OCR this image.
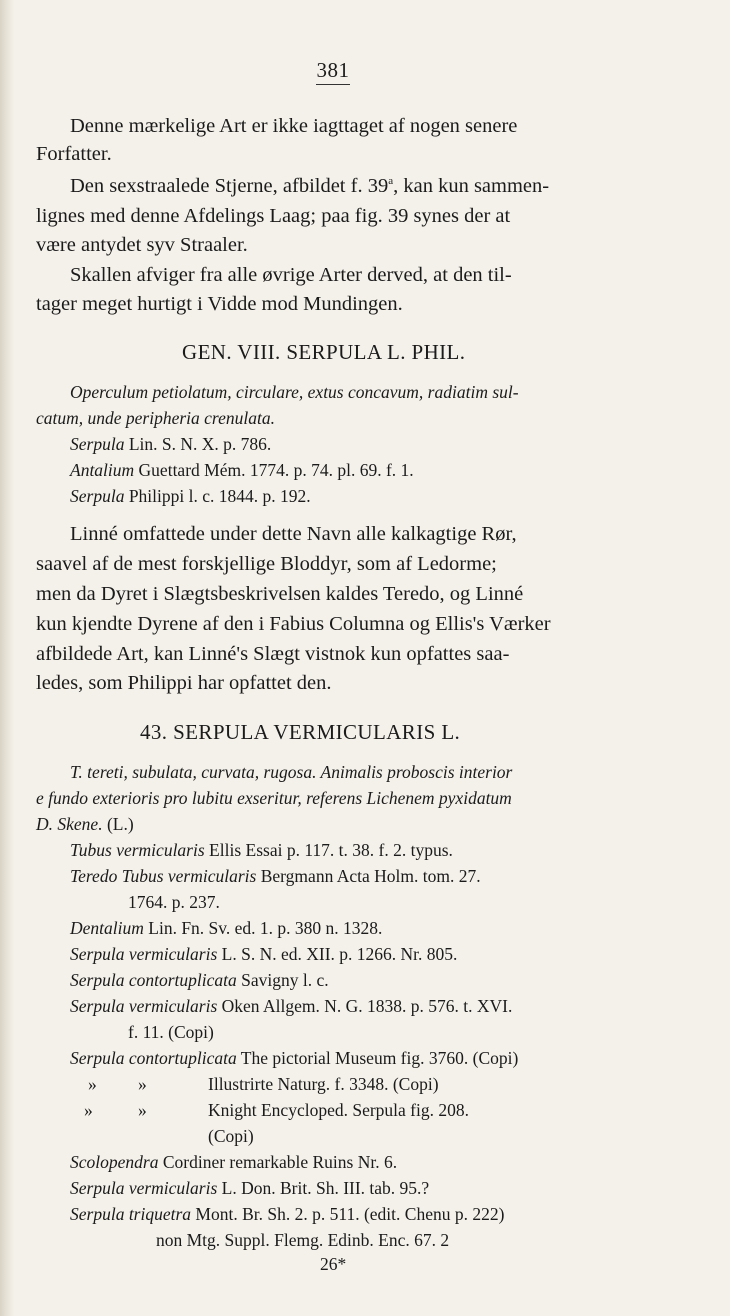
381
Denne mærkelige Art er ikke iagttaget af nogen senere
Forfatter.
Den sexstraalede Stjerne, afbildet f. 39$^a$, kan kun sammen-
lignes med denne Afdelings Laag; paa fig. 39 synes der at
være antydet syv Straaler.
Skallen afviger fra alle øvrige Arter derved, at den til-
tager meget hurtigt i Vidde mod Mundingen.
GEN. VIII. SERPULA L. PHIL.
Operculum petiolatum, circulare, extus concavum, radiatim sul-
catum, unde peripheria crenulata.
Serpula Lin. S. N. X. p. 786.
Antalium Guettard Mém. 1774. p. 74. pl. 69. f. 1.
Serpula Philippi l. c. 1844. p. 192.
Linné omfattede under dette Navn alle kalkagtige Rør,
saavel af de mest forskjellige Bloddyr, som af Ledorme;
men da Dyret i Slægtsbeskrivelsen kaldes Teredo, og Linné
kun kjendte Dyrene af den i Fabius Columna og Ellis's Værker
afbildede Art, kan Linné's Slægt vistnok kun opfattes saa-
ledes, som Philippi har opfattet den.
43. SERPULA VERMICULARIS L.
T. tereti, subulata, curvata, rugosa. Animalis proboscis interior
e fundo exterioris pro lubitu exseritur, referens Lichenem pyxidatum
D. Skene. (L.)
Tubus vermicularis Ellis Essai p. 117. t. 38. f. 2. typus.
Teredo Tubus vermicularis Bergmann Acta Holm. tom. 27.
1764. p. 237.
Dentalium Lin. Fn. Sv. ed. 1. p. 380 n. 1328.
Serpula vermicularis L. S. N. ed. XII. p. 1266. Nr. 805.
Serpula contortuplicata Savigny l. c.
Serpula vermicularis Oken Allgem. N. G. 1838. p. 576. t. XVI.
f. 11. (Copi)
Serpula contortuplicata The pictorial Museum fig. 3760. (Copi)
» »	Illustrirte Naturg. f. 3348. (Copi)
»	»	Knight Encycloped. Serpula fig. 208.
(Copi)
Scolopendra Cordiner remarkable Ruins Nr. 6.
Serpula vermicularis L. Don. Brit. Sh. III. tab. 95.?
Serpula triquetra Mont. Br. Sh. 2. p. 511. (edit. Chenu p. 222)
non Mtg. Suppl. Flemg. Edinb. Enc. 67. 2
26*
